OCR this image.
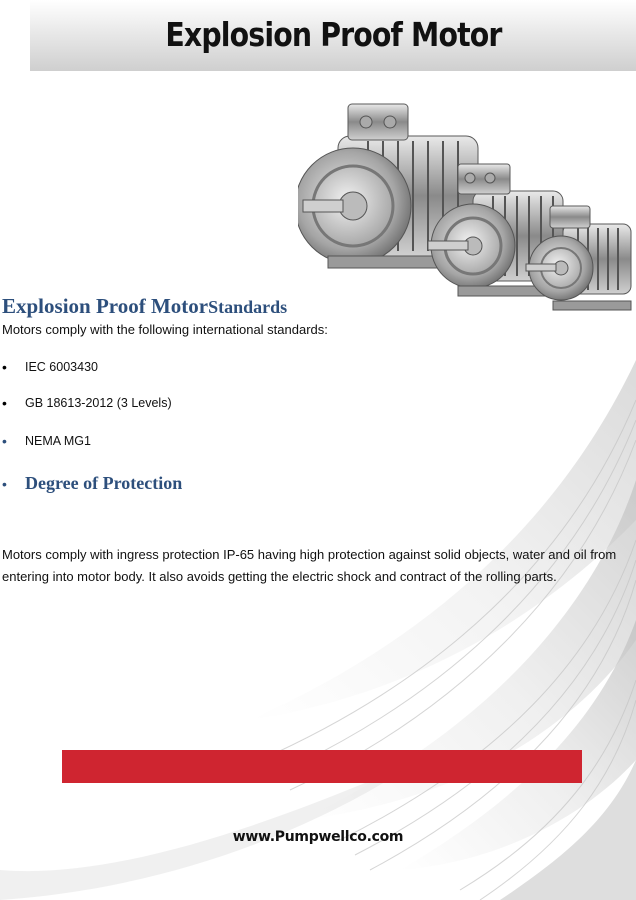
Explosion Proof Motor
Explosion Proof MotorStandards
Motors comply with the following international standards:
•	IEC 6003430
•	GB 18613-2012 (3 Levels)
•	NEMA MG1
•	Degree of Protection
Motors comply with ingress protection IP-65 having high protection against solid objects, water and oil from entering into motor body. It also avoids getting the electric shock and contract of the rolling parts.
www.Pumpwellco.com
